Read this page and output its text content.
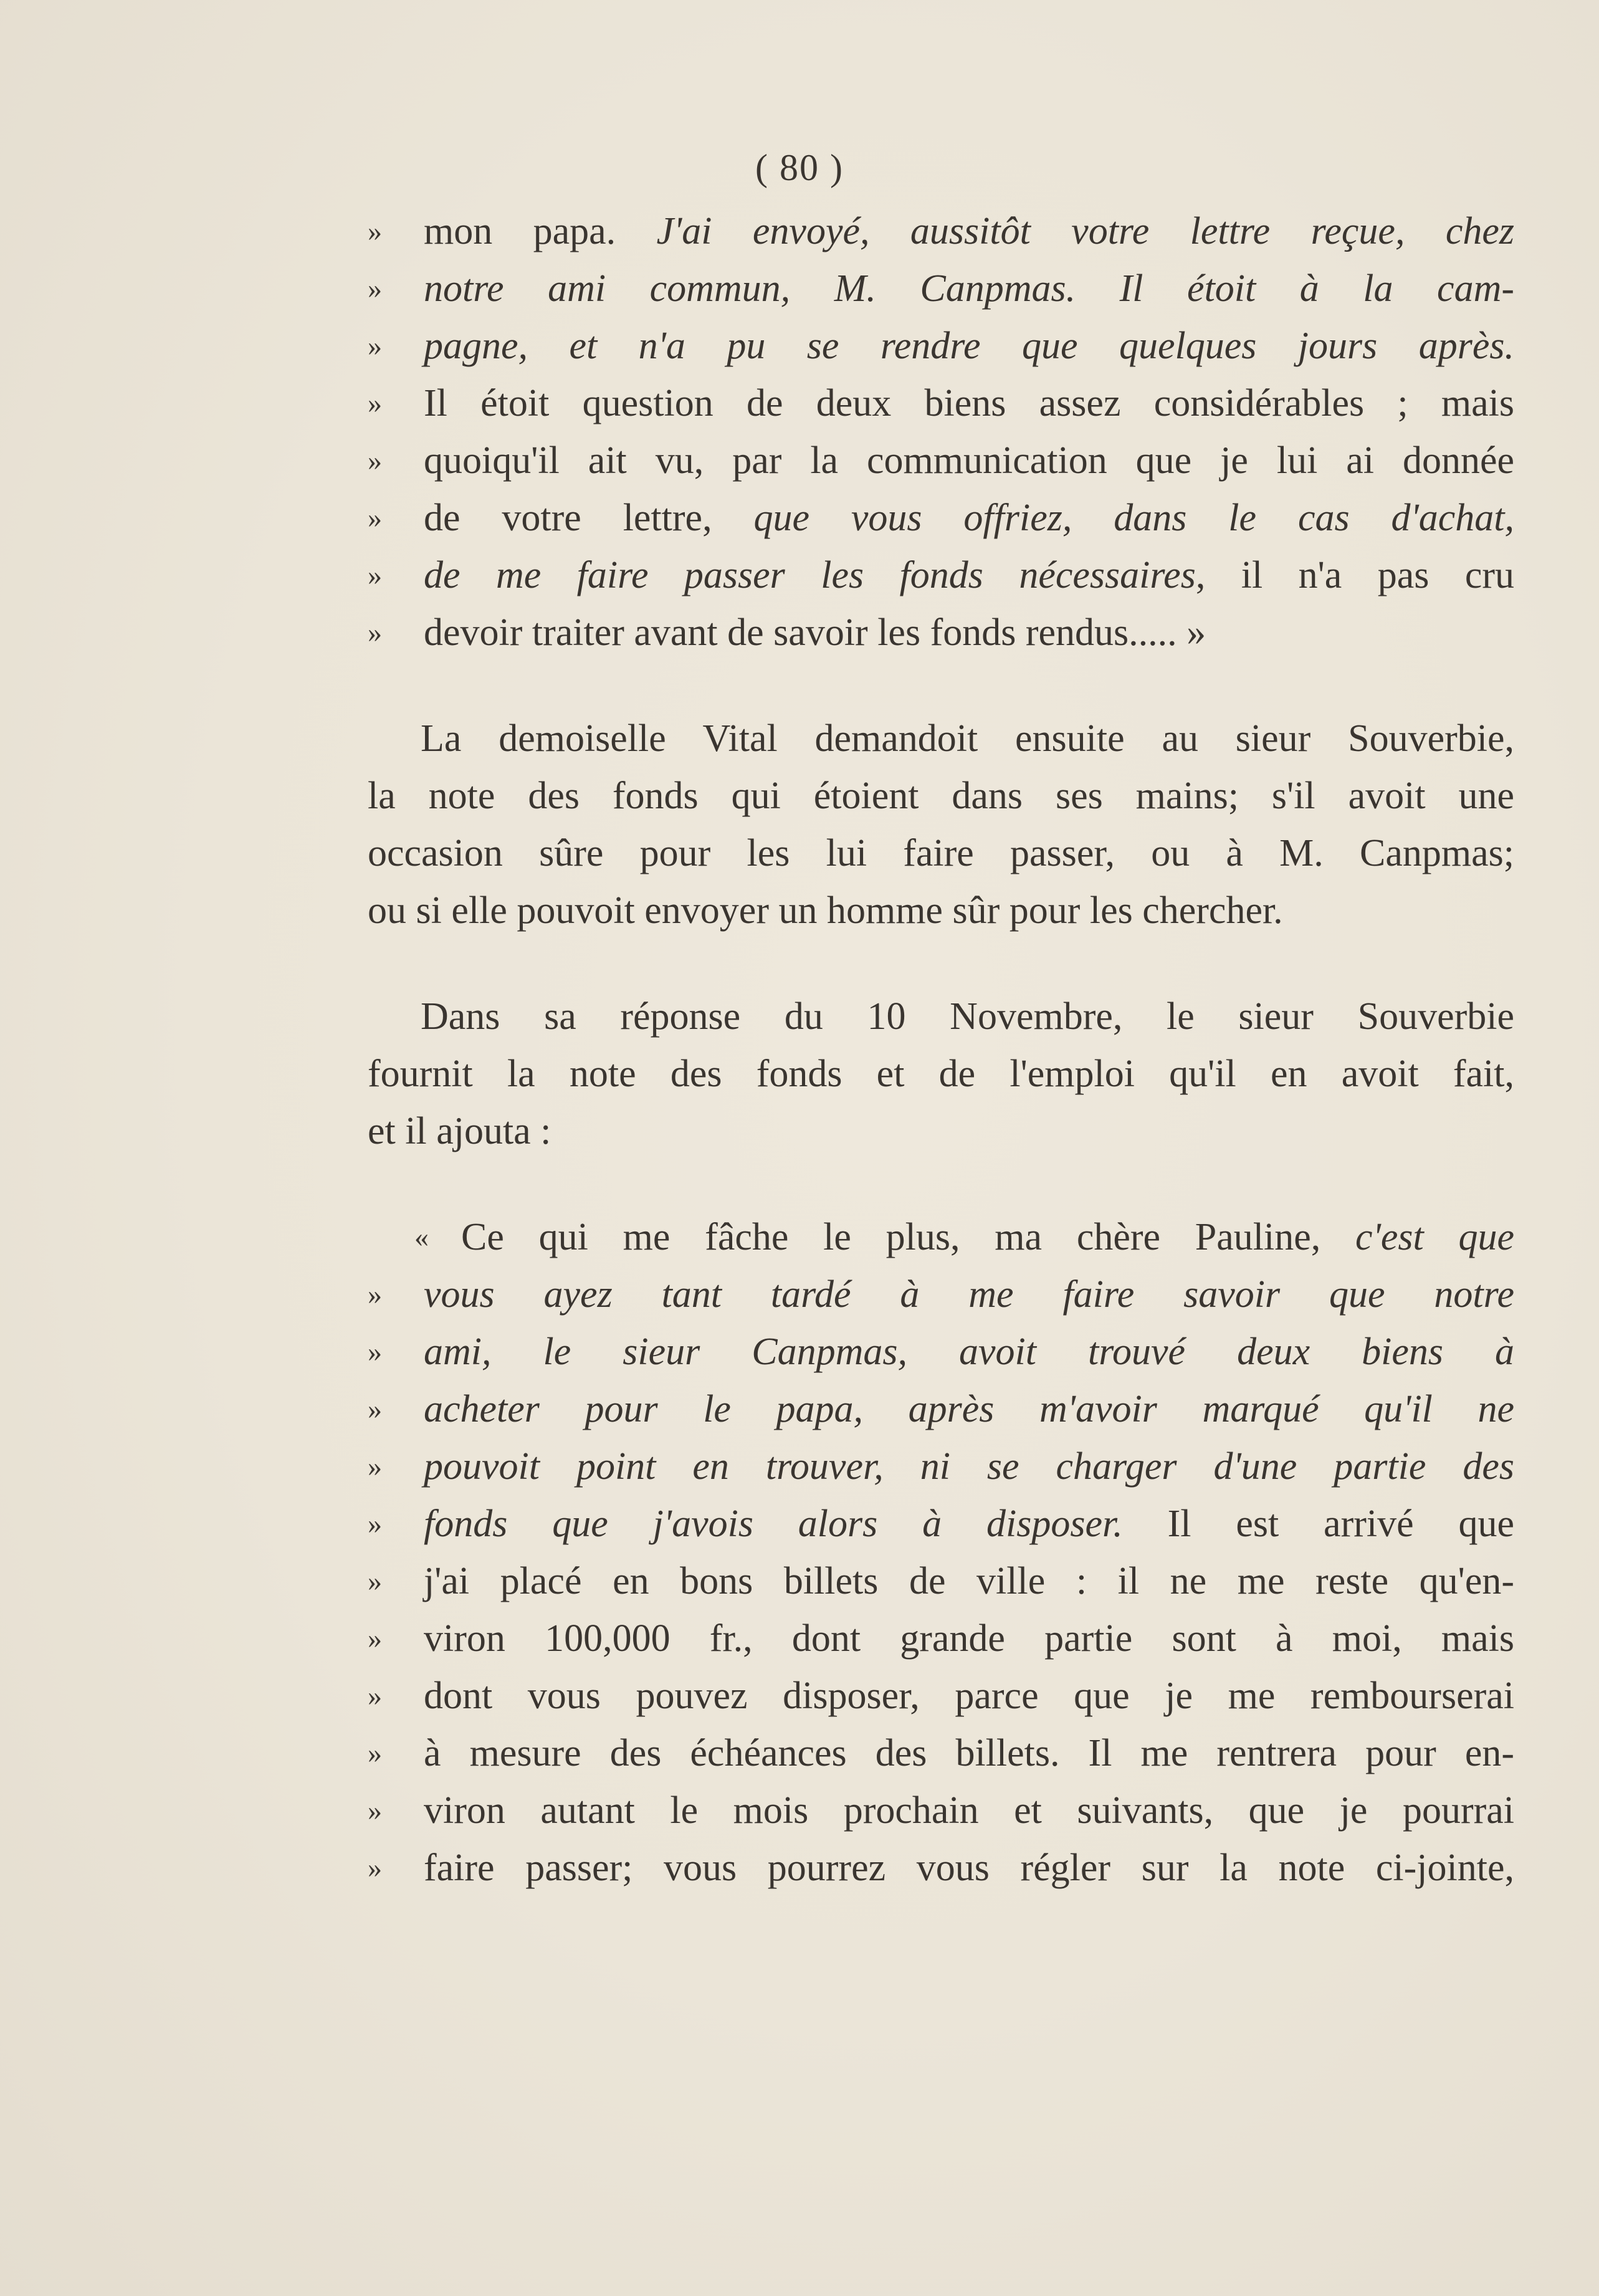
( 80 )
»	mon papa. J'ai envoyé, aussitôt votre lettre reçue, chez
»	notre ami commun, M. Canpmas. Il étoit à la cam-
»	pagne, et n'a pu se rendre que quelques jours après.
»	Il étoit question de deux biens assez considérables ; mais
»	quoiqu'il ait vu, par la communication que je lui ai donnée
»	de votre lettre, que vous offriez, dans le cas d'achat,
»	de me faire passer les fonds nécessaires, il n'a pas cru
»	devoir traiter avant de savoir les fonds rendus..... »
La demoiselle Vital demandoit ensuite au sieur Souverbie,
la note des fonds qui étoient dans ses mains; s'il avoit une
occasion sûre pour les lui faire passer, ou à M. Canpmas;
ou si elle pouvoit envoyer un homme sûr pour les chercher.
Dans sa réponse du 10 Novembre, le sieur Souverbie
fournit la note des fonds et de l'emploi qu'il en avoit fait,
et il ajouta :
« Ce qui me fâche le plus, ma chère Pauline, c'est que
»	vous ayez tant tardé à me faire savoir que notre
»	ami, le sieur Canpmas, avoit trouvé deux biens à
»	acheter pour le papa, après m'avoir marqué qu'il ne
»	pouvoit point en trouver, ni se charger d'une partie des
»	fonds que j'avois alors à disposer. Il est arrivé que
»	j'ai placé en bons billets de ville : il ne me reste qu'en-
»	viron 100,000 fr., dont grande partie sont à moi, mais
»	dont vous pouvez disposer, parce que je me rembourserai
»	à mesure des échéances des billets. Il me rentrera pour en-
»	viron autant le mois prochain et suivants, que je pourrai
»	faire passer; vous pourrez vous régler sur la note ci-jointe,
